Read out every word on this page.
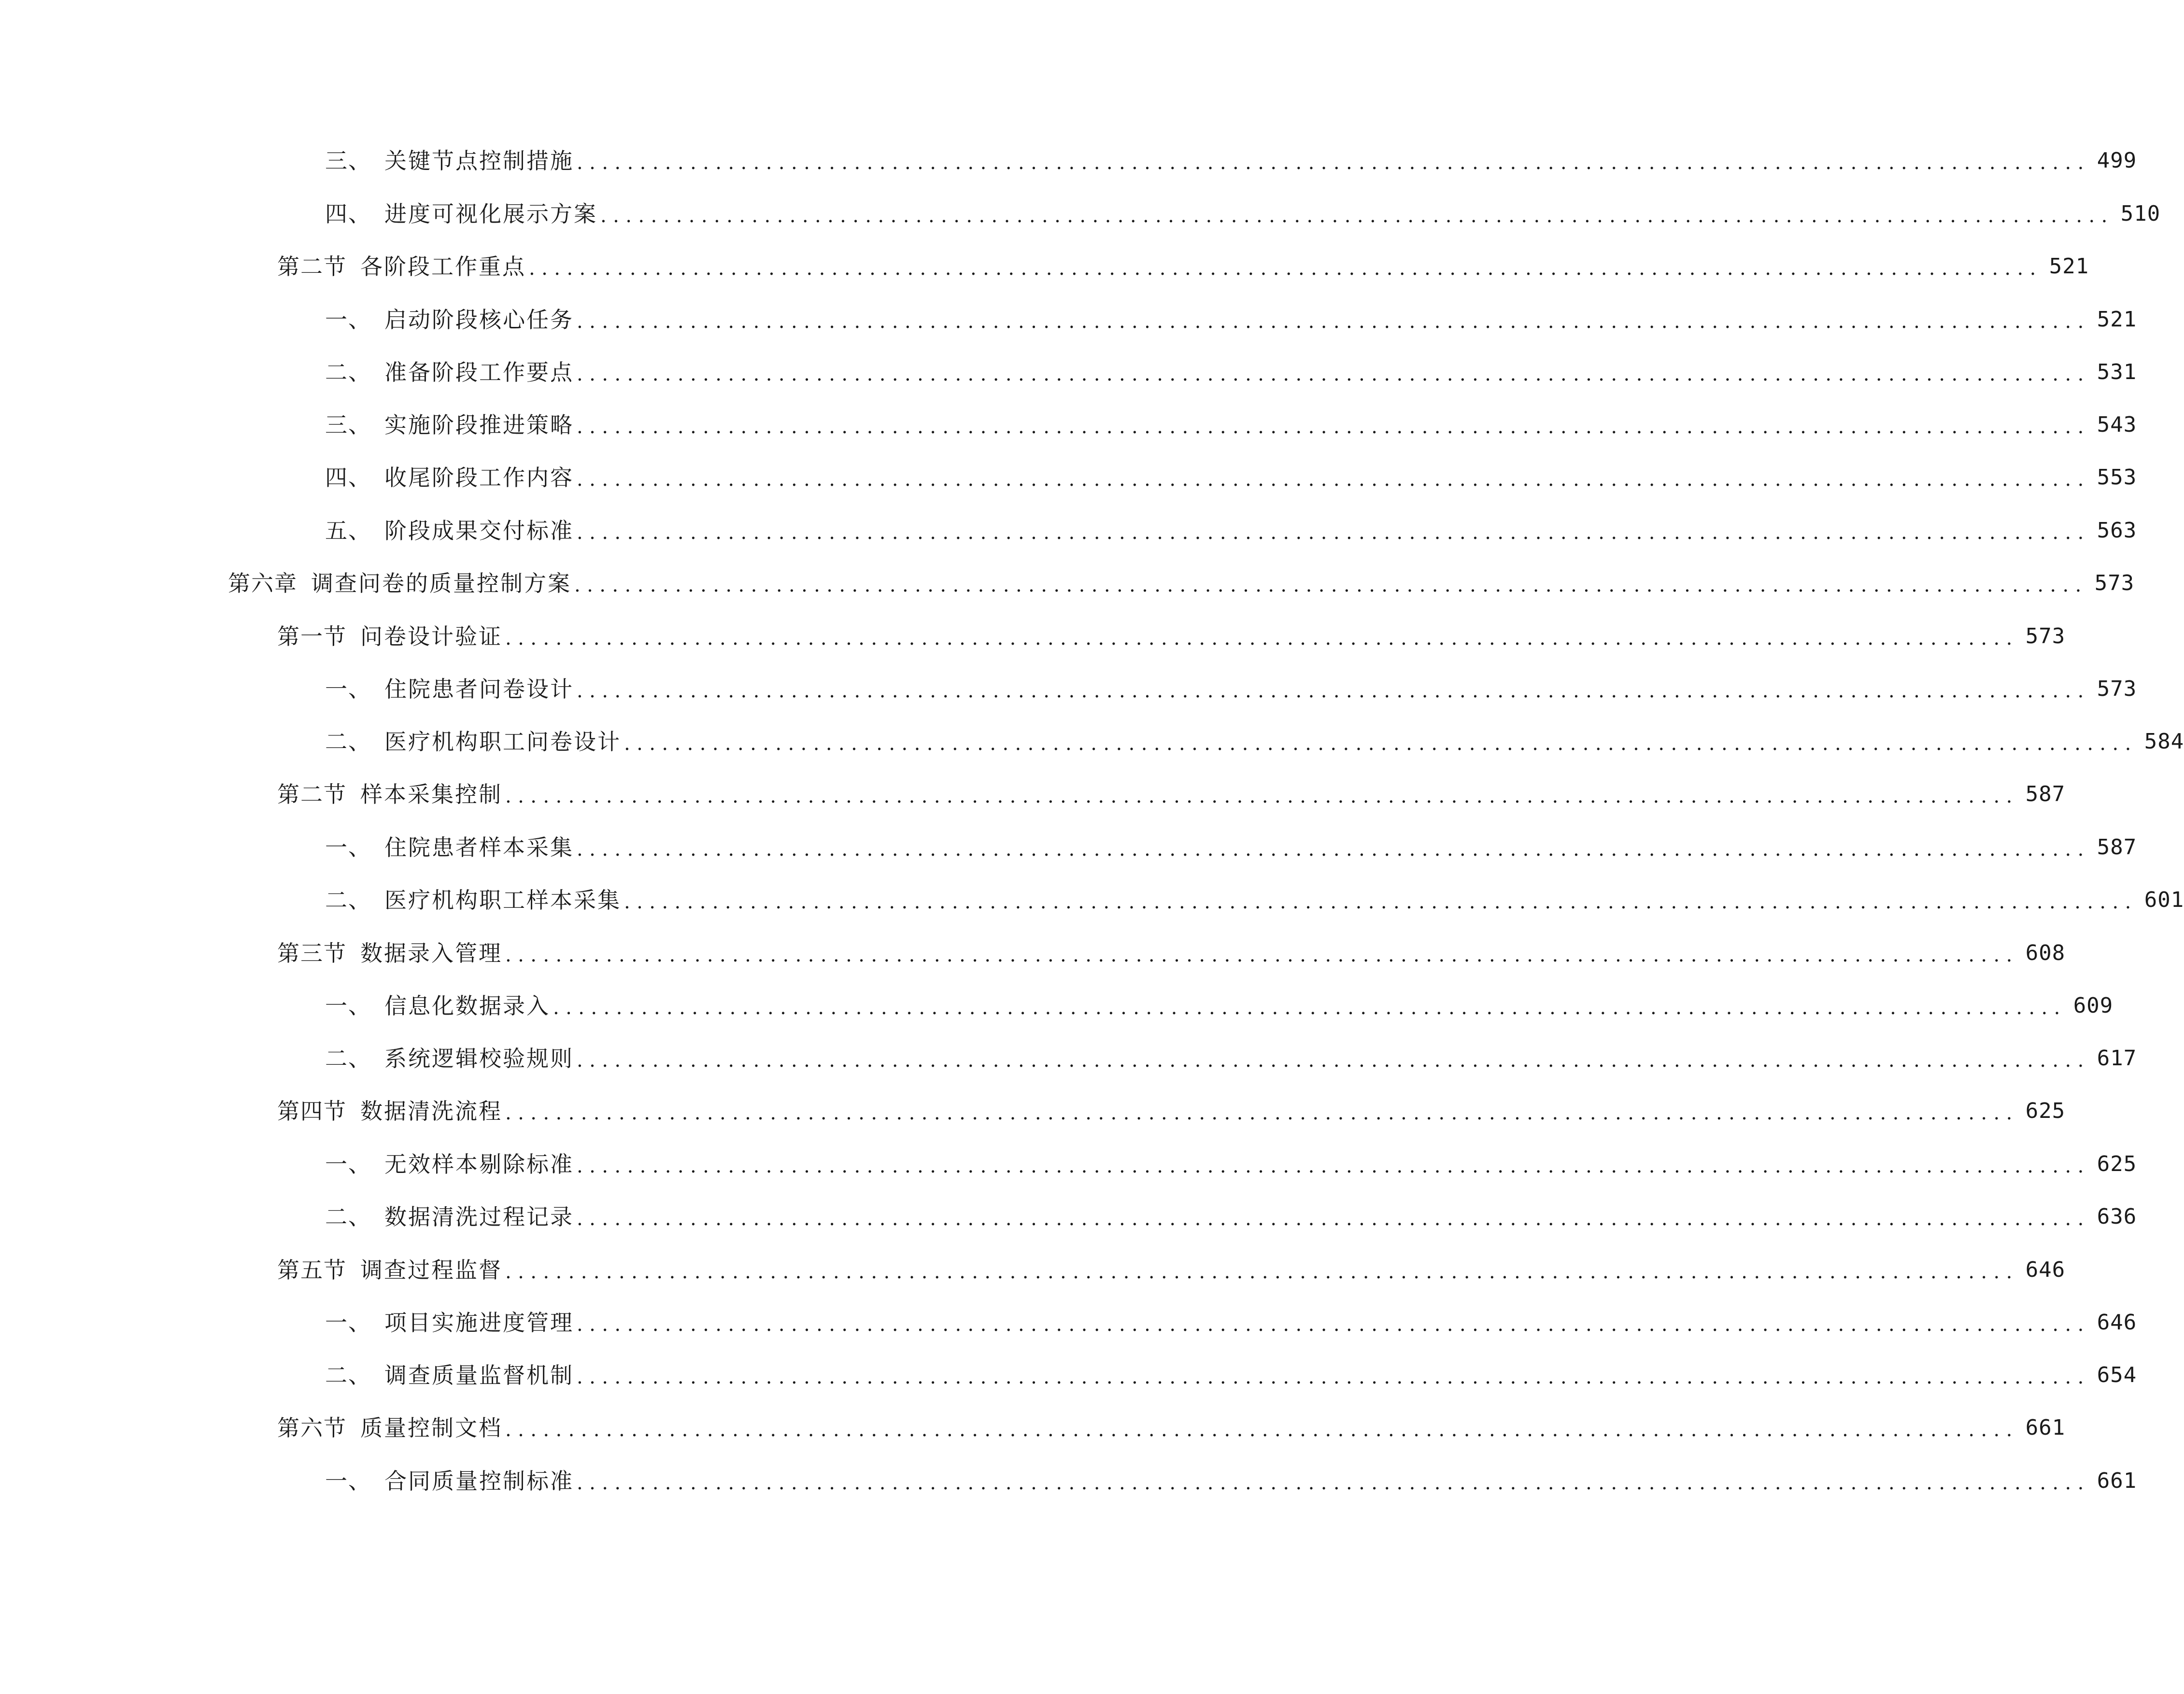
三、 关键节点控制措施 ........................................................................................................................ 499
四、 进度可视化展示方案 ........................................................................................................................ 510
第二节 各阶段工作重点 ........................................................................................................................ 521
一、 启动阶段核心任务 ........................................................................................................................ 521
二、 准备阶段工作要点 ........................................................................................................................ 531
三、 实施阶段推进策略 ........................................................................................................................ 543
四、 收尾阶段工作内容 ........................................................................................................................ 553
五、 阶段成果交付标准 ........................................................................................................................ 563
第六章 调查问卷的质量控制方案 ........................................................................................................................ 573
第一节 问卷设计验证 ........................................................................................................................ 573
一、 住院患者问卷设计 ........................................................................................................................ 573
二、 医疗机构职工问卷设计 ........................................................................................................................ 584
第二节 样本采集控制 ........................................................................................................................ 587
一、 住院患者样本采集 ........................................................................................................................ 587
二、 医疗机构职工样本采集 ........................................................................................................................ 601
第三节 数据录入管理 ........................................................................................................................ 608
一、 信息化数据录入 ........................................................................................................................ 609
二、 系统逻辑校验规则 ........................................................................................................................ 617
第四节 数据清洗流程 ........................................................................................................................ 625
一、 无效样本剔除标准 ........................................................................................................................ 625
二、 数据清洗过程记录 ........................................................................................................................ 636
第五节 调查过程监督 ........................................................................................................................ 646
一、 项目实施进度管理 ........................................................................................................................ 646
二、 调查质量监督机制 ........................................................................................................................ 654
第六节 质量控制文档 ........................................................................................................................ 661
一、 合同质量控制标准 ........................................................................................................................ 661
